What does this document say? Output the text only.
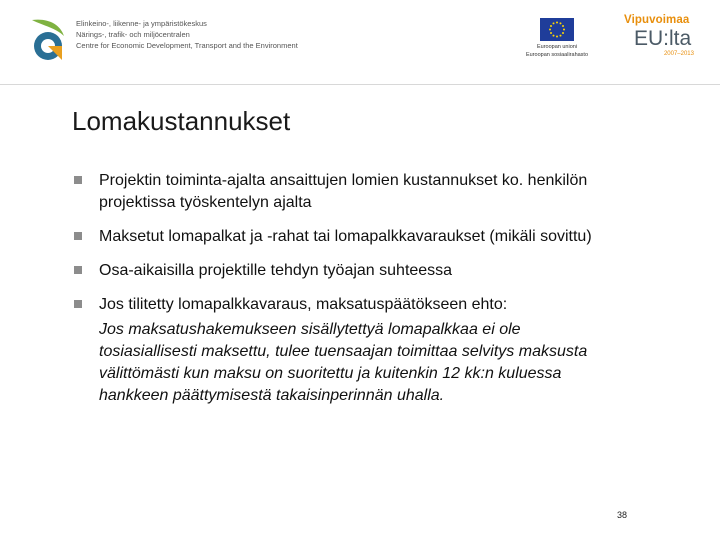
Elinkeino-, liikenne- ja ympäristökeskus
Närings-, trafik- och miljöcentralen
Centre for Economic Development, Transport and the Environment	Euroopan unioni
Euroopan sosiaalirahasto
Vipuvoimaa
EU:lta
2007–2013
Lomakustannukset
Projektin toiminta-ajalta ansaittujen lomien kustannukset ko. henkilön
projektissa työskentelyn ajalta
Maksetut lomapalkat ja -rahat tai lomapalkkavaraukset (mikäli sovittu)
Osa-aikaisilla projektille tehdyn työajan suhteessa
Jos tilitetty lomapalkkavaraus, maksatuspäätökseen ehto:
Jos maksatushakemukseen sisällytettyä lomapalkkaa ei ole
tosiasiallisesti maksettu, tulee tuensaajan toimittaa selvitys maksusta
välittömästi kun maksu on suoritettu ja kuitenkin 12 kk:n kuluessa
hankkeen päättymisestä takaisinperinnän uhalla.
38
